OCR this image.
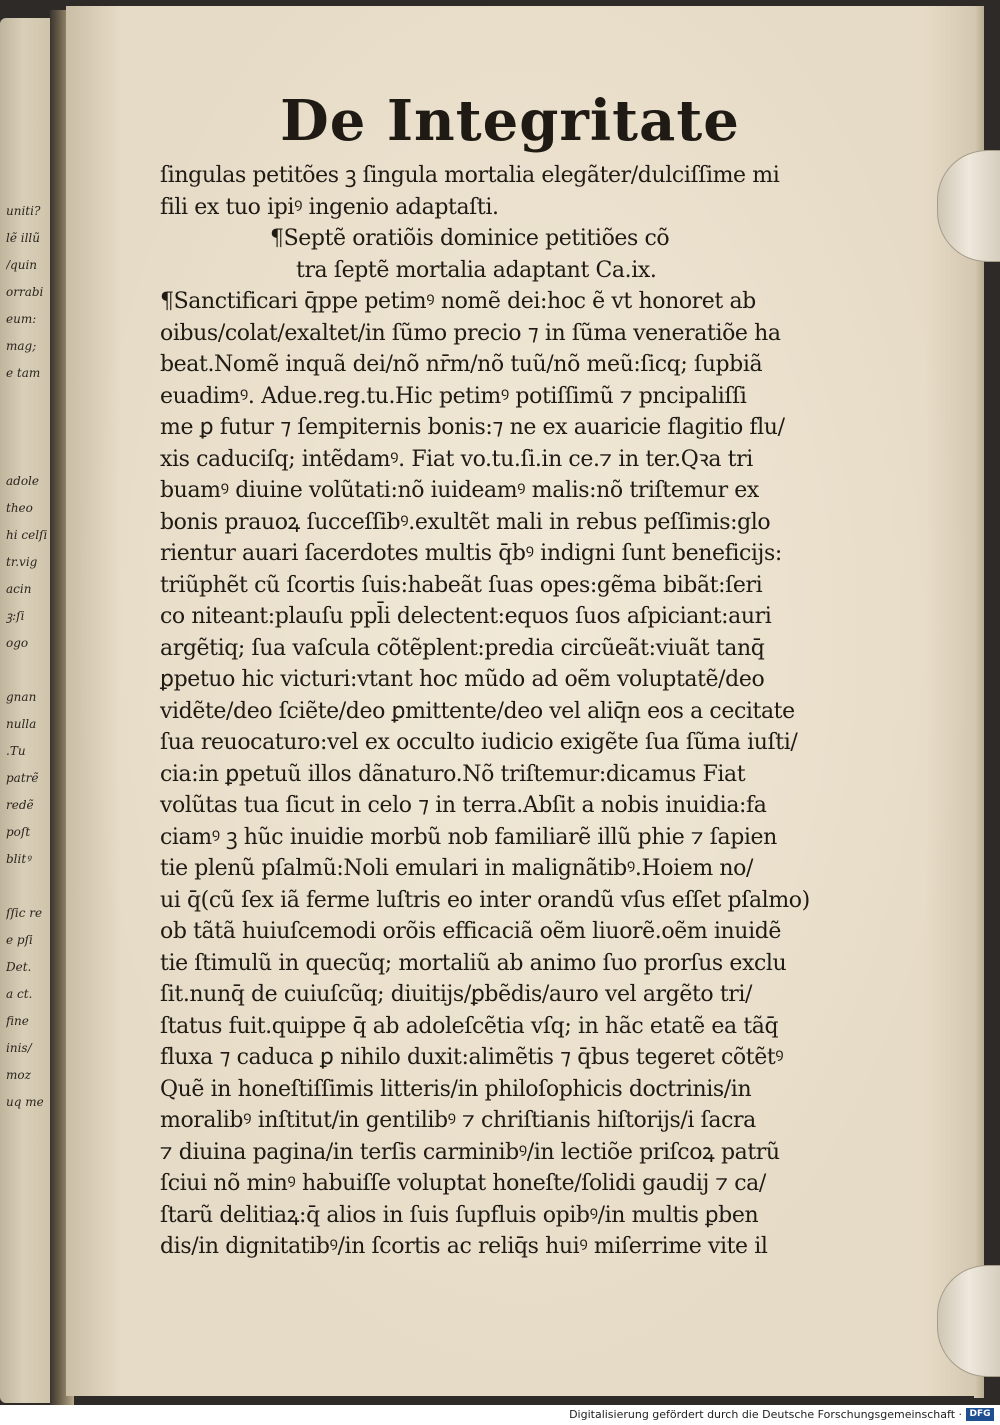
uniti?
lẽ illũ
/quin
orrabi
eum:
mag;
e tam

adole
theo
hi celſi
tr.vig
acin
ꝫ:ſi
ogo

gnan
nulla
.Tu
patrẽ
redẽ
poſt
blitꝰ

ſſic re
e pſi
Det.
a ct.
fine
inis/
moz
uq me
De Integritate
ſingulas petitões ꝫ ſingula mortalia elegãter/dulciſſime mi
fili ex tuo ipiꝰ ingenio adaptaſti.
¶Septẽ oratiõis dominice petitiões cõ
tra ſeptẽ mortalia adaptant Ca.ix.
¶Sanctificari q̄ppe petimꝰ nomẽ dei:hoc ẽ vt honoret ab
oibus/colat/exaltet/in ſũmo precio ⁊ in ſũma veneratiõe ha
beat.Nomẽ inquã dei/nõ nr̄m/nõ tuũ/nõ meũ:ſicq; ſupbiã
euadimꝰ. Adue.reg.tu.Hic petimꝰ potiſſimũ ⁊ pncipaliſſi
me ꝑ futur ⁊ ſempiternis bonis:⁊ ne ex auaricie flagitio flu/
xis caduciſq; intẽdamꝰ. Fiat vo.tu.ſi.in ce.⁊ in ter.Qꝛa tri
buamꝰ diuine volũtati:nõ iuideamꝰ malis:nõ triſtemur ex
bonis prauoꝝ ſucceſſibꝰ.exultẽt mali in rebus peſſimis:glo
rientur auari ſacerdotes multis q̄bꝰ indigni ſunt beneficijs:
triũphẽt cũ ſcortis ſuis:habeãt ſuas opes:gẽma bibãt:ſeri
co niteant:plauſu ppl̄i delectent:equos ſuos aſpiciant:auri
argẽtiq; ſua vaſcula cõtẽplent:predia circũeãt:viuãt tanq̄
ꝑpetuo hic victuri:vtant hoc mũdo ad oẽm voluptatẽ/deo
vidẽte/deo ſciẽte/deo ꝑmittente/deo vel aliq̄n eos a cecitate
ſua reuocaturo:vel ex occulto iudicio exigẽte ſua ſũma iuſti/
cia:in ꝑpetuũ illos dãnaturo.Nõ triſtemur:dicamus Fiat
volũtas tua ſicut in celo ⁊ in terra.Abſit a nobis inuidia:fa
ciamꝰ ꝫ hũc inuidie morbũ nob familiarẽ illũ phie ⁊ ſapien
tie plenũ pſalmũ:Noli emulari in malignãtibꝰ.Hoiem no/
ui q̄(cũ ſex iã ferme luſtris eo inter orandũ vſus eſſet pſalmo)
ob tãtã huiuſcemodi orõis efficaciã oẽm liuorẽ.oẽm inuidẽ
tie ſtimulũ in quecũq; mortaliũ ab animo ſuo prorſus exclu
ſit.nunq̄ de cuiuſcũq; diuitijs/ꝑbẽdis/auro vel argẽto tri/
ſtatus fuit.quippe q̄ ab adoleſcẽtia vſq; in hãc etatẽ ea tãq̄
fluxa ⁊ caduca ꝑ nihilo duxit:alimẽtis ⁊ q̄bus tegeret cõtẽtꝰ
Quẽ in honeſtiſſimis litteris/in philoſophicis doctrinis/in
moralibꝰ inſtitut/in gentilibꝰ ⁊ chriſtianis hiſtorijs/i ſacra
⁊ diuina pagina/in terſis carminibꝰ/in lectiõe priſcoꝝ patrũ
ſciui nõ minꝰ habuiſſe voluptat honeſte/ſolidi gaudij ⁊ ca/
ſtarũ delitiaꝝ:q̄ alios in ſuis ſupfluis opibꝰ/in multis ꝑben
dis/in dignitatibꝰ/in ſcortis ac reliq̄s huiꝰ miſerrime vite il
Digitalisierung gefördert durch die Deutsche Forschungsgemeinschaft · DFG
